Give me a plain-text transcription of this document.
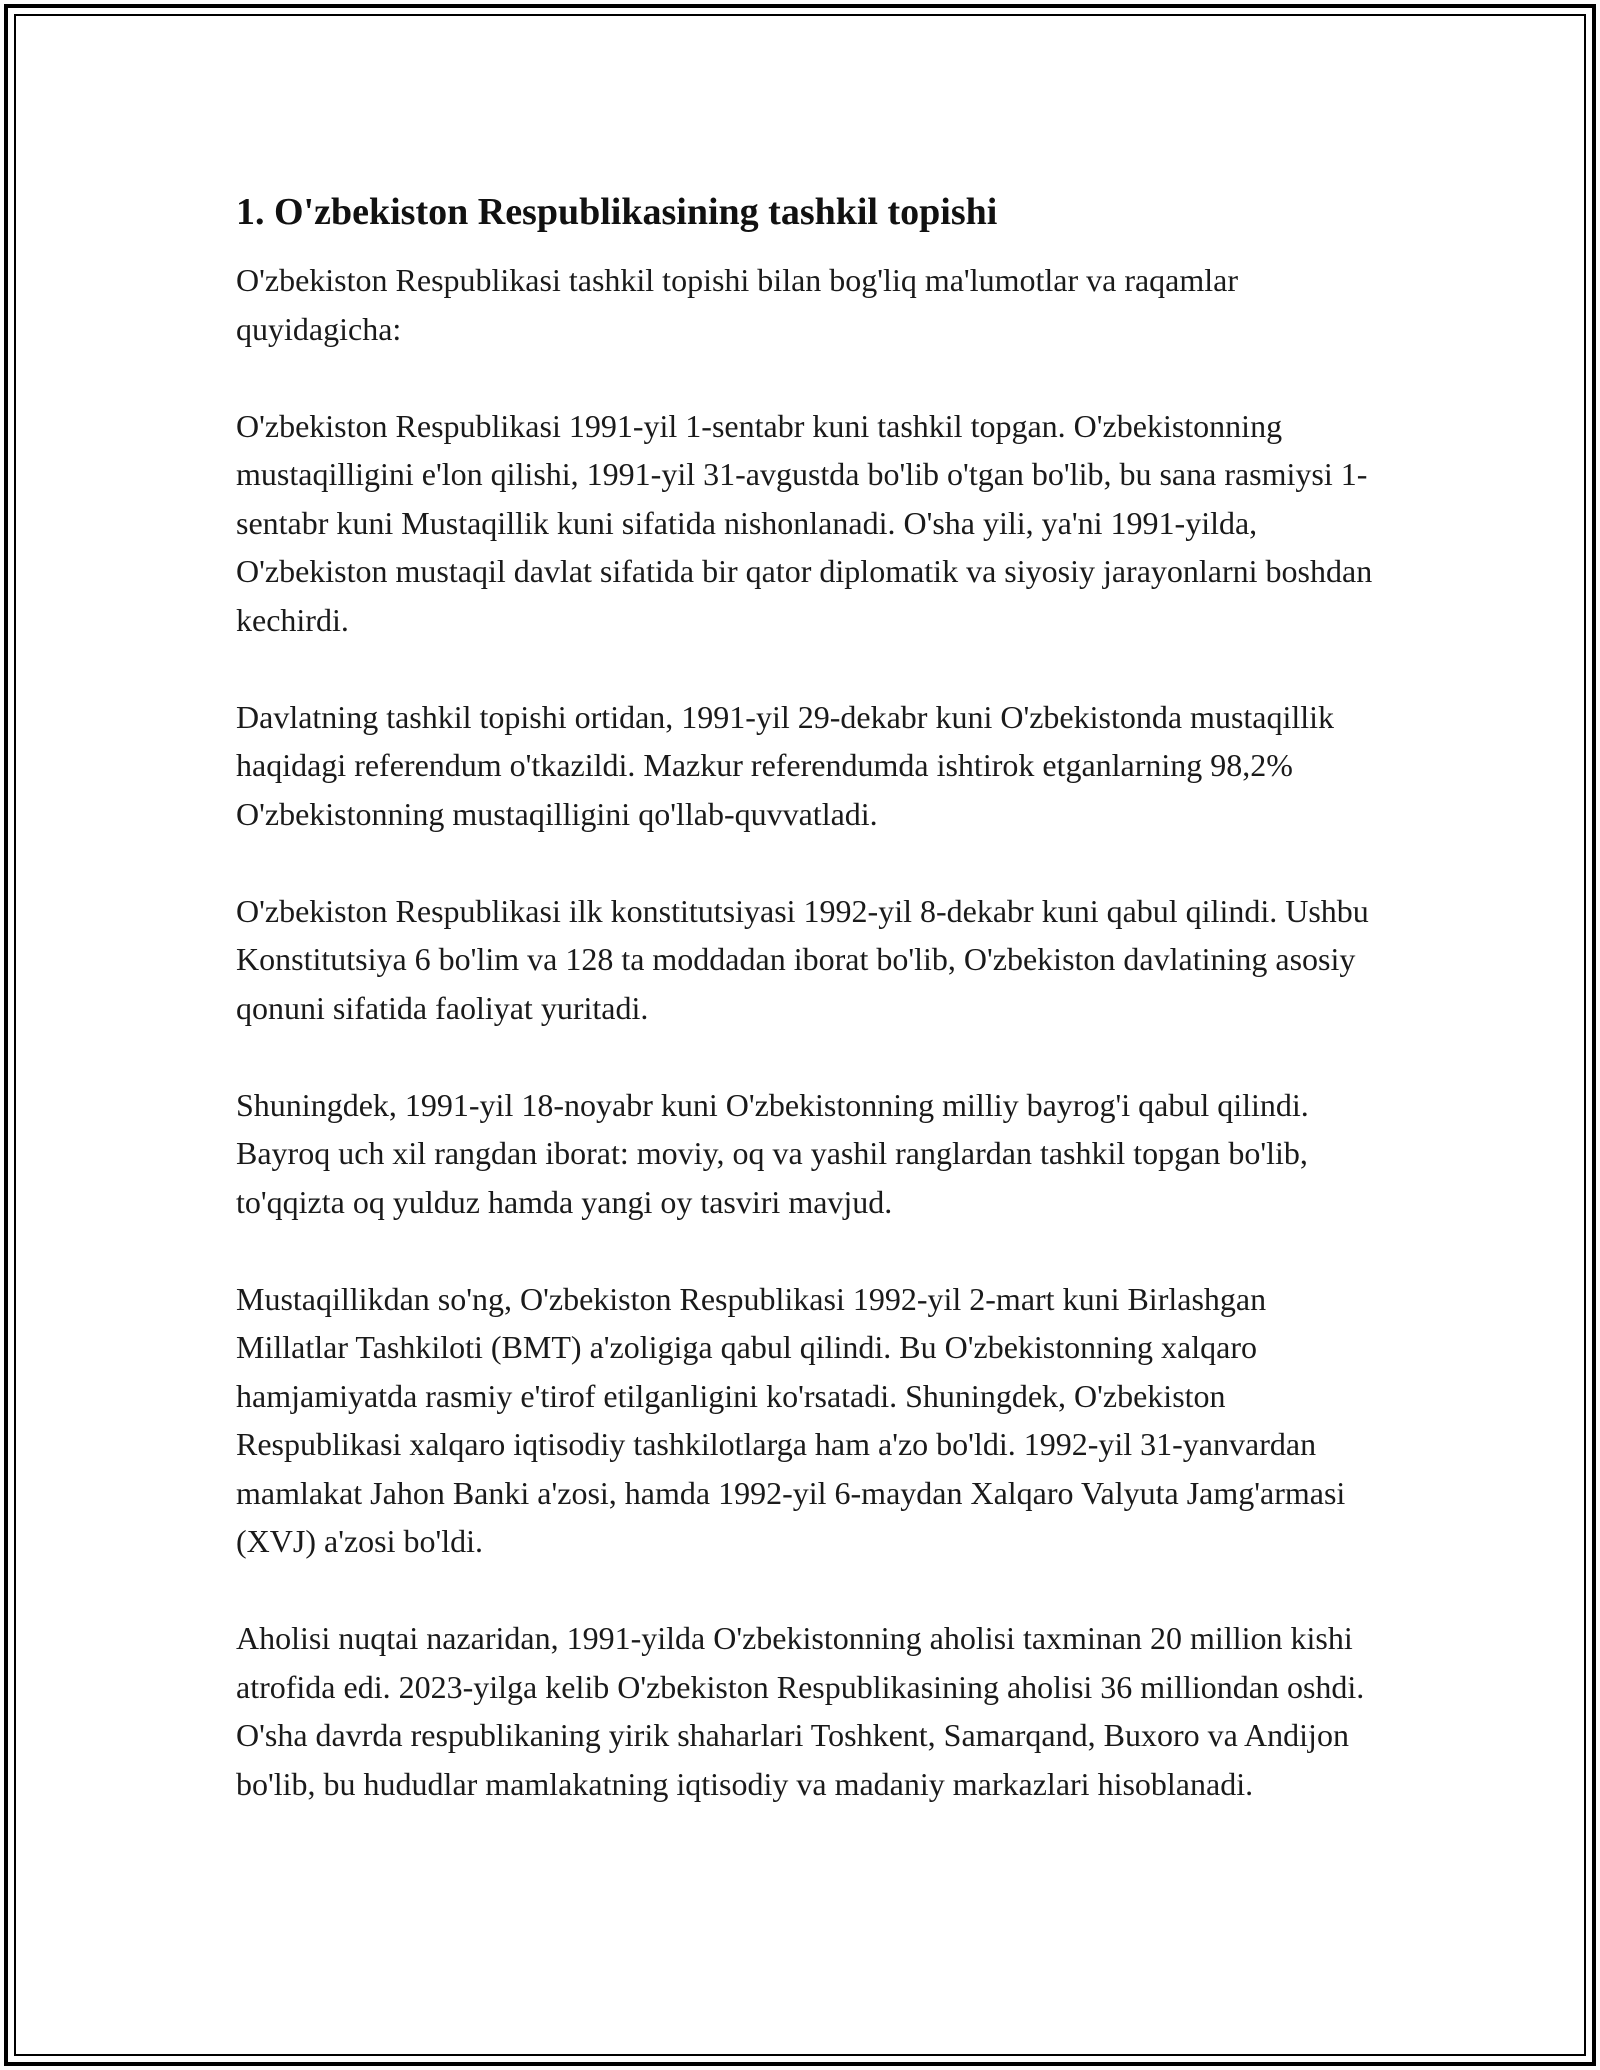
1. O'zbekiston Respublikasining tashkil topishi

O'zbekiston Respublikasi tashkil topishi bilan bog'liq ma'lumotlar va raqamlar quyidagicha:

O'zbekiston Respublikasi 1991-yil 1-sentabr kuni tashkil topgan. O'zbekistonning mustaqilligini e'lon qilishi, 1991-yil 31-avgustda bo'lib o'tgan bo'lib, bu sana rasmiysi 1-sentabr kuni Mustaqillik kuni sifatida nishonlanadi. O'sha yili, ya'ni 1991-yilda, O'zbekiston mustaqil davlat sifatida bir qator diplomatik va siyosiy jarayonlarni boshdan kechirdi.

Davlatning tashkil topishi ortidan, 1991-yil 29-dekabr kuni O'zbekistonda mustaqillik haqidagi referendum o'tkazildi. Mazkur referendumda ishtirok etganlarning 98,2% O'zbekistonning mustaqilligini qo'llab-quvvatladi.

O'zbekiston Respublikasi ilk konstitutsiyasi 1992-yil 8-dekabr kuni qabul qilindi. Ushbu Konstitutsiya 6 bo'lim va 128 ta moddadan iborat bo'lib, O'zbekiston davlatining asosiy qonuni sifatida faoliyat yuritadi.

Shuningdek, 1991-yil 18-noyabr kuni O'zbekistonning milliy bayrog'i qabul qilindi. Bayroq uch xil rangdan iborat: moviy, oq va yashil ranglardan tashkil topgan bo'lib, to'qqizta oq yulduz hamda yangi oy tasviri mavjud.

Mustaqillikdan so'ng, O'zbekiston Respublikasi 1992-yil 2-mart kuni Birlashgan Millatlar Tashkiloti (BMT) a'zoligiga qabul qilindi. Bu O'zbekistonning xalqaro hamjamiyatda rasmiy e'tirof etilganligini ko'rsatadi. Shuningdek, O'zbekiston Respublikasi xalqaro iqtisodiy tashkilotlarga ham a'zo bo'ldi. 1992-yil 31-yanvardan mamlakat Jahon Banki a'zosi, hamda 1992-yil 6-maydan Xalqaro Valyuta Jamg'armasi (XVJ) a'zosi bo'ldi.

Aholisi nuqtai nazaridan, 1991-yilda O'zbekistonning aholisi taxminan 20 million kishi atrofida edi. 2023-yilga kelib O'zbekiston Respublikasining aholisi 36 milliondan oshdi. O'sha davrda respublikaning yirik shaharlari Toshkent, Samarqand, Buxoro va Andijon bo'lib, bu hududlar mamlakatning iqtisodiy va madaniy markazlari hisoblanadi.
